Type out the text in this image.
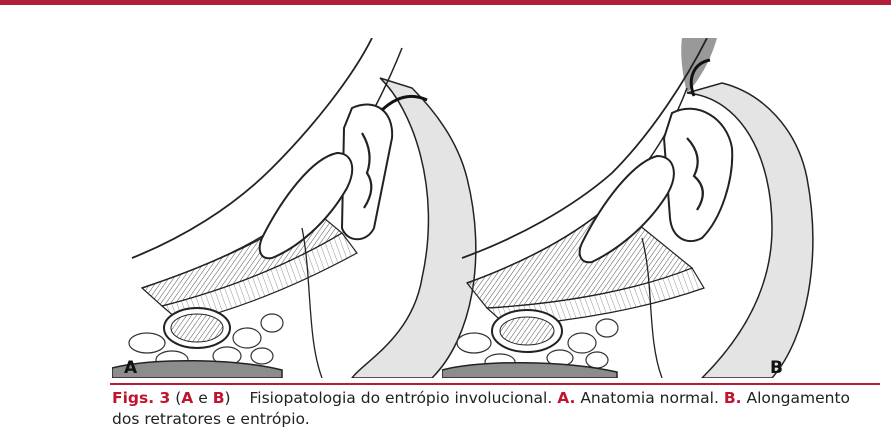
A	B
Figs. 3 (A e B) Fisiopatologia do entrópio involucional. A. Anatomia normal. B. Alongamento dos retratores e entrópio.
